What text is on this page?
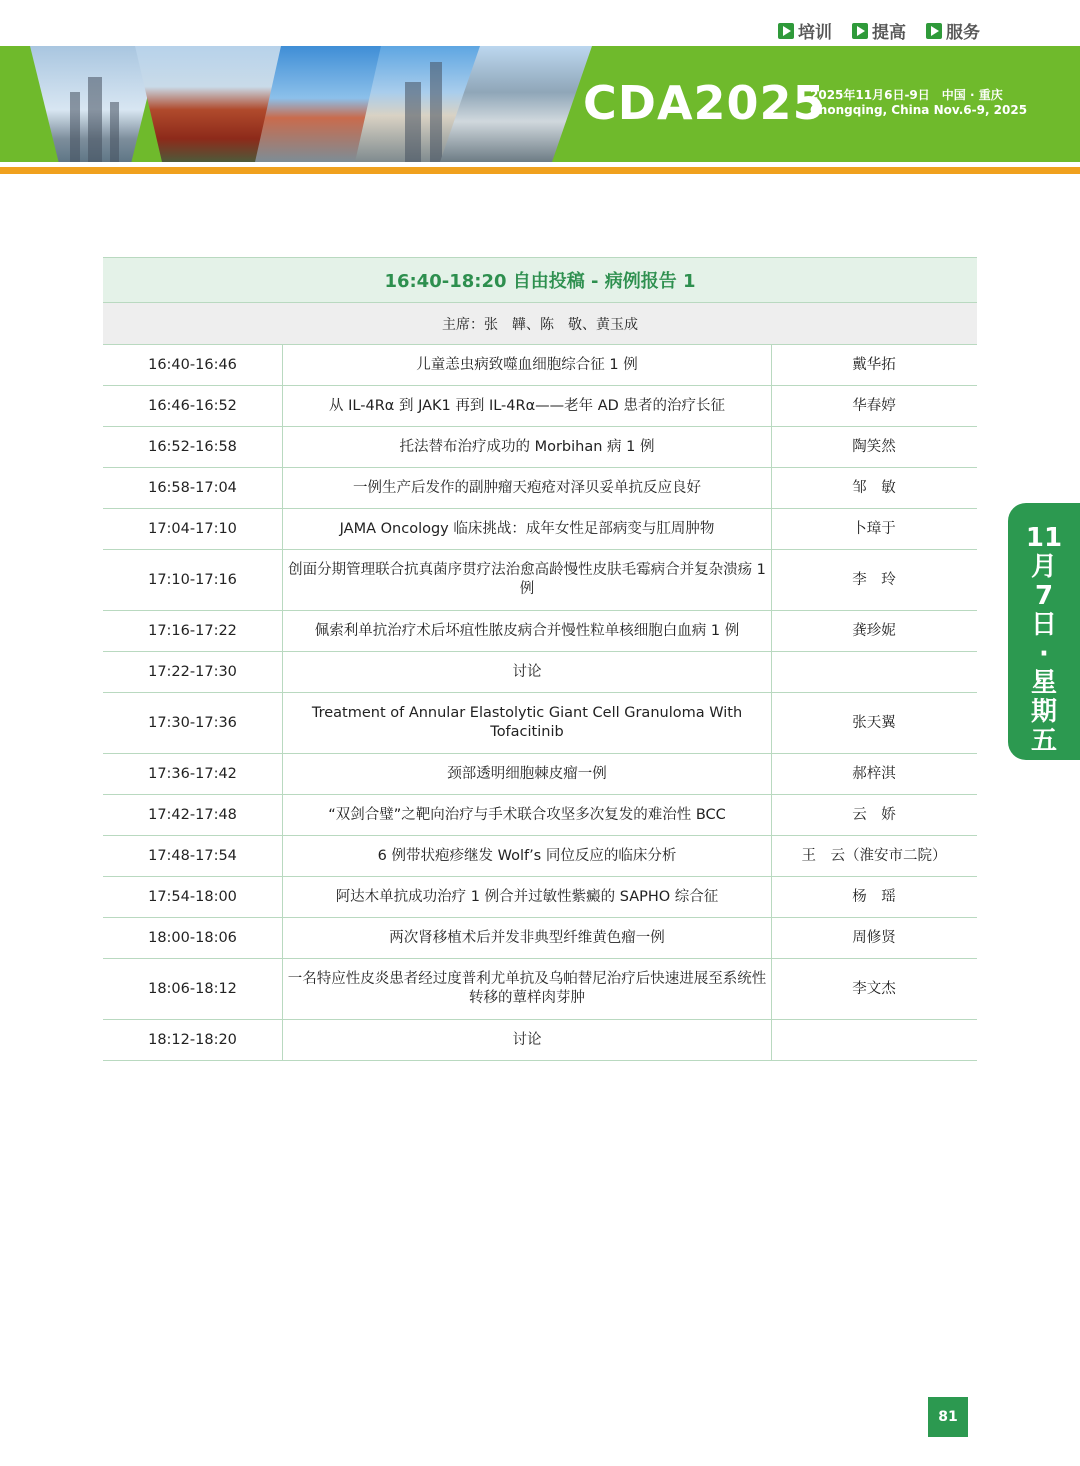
培训 提高 服务
CDA2025
2025年11月6日-9日　中国 · 重庆
Chongqing, China Nov.6-9, 2025
16:40-18:20 自由投稿 - 病例报告 1
主席：张　韡、陈　敬、黄玉成
16:40-16:46	儿童恙虫病致噬血细胞综合征 1 例	戴华拓
16:46-16:52	从 IL-4Rα 到 JAK1 再到 IL-4Rα——老年 AD 患者的治疗长征	华春婷
16:52-16:58	托法替布治疗成功的 Morbihan 病 1 例	陶笑然
16:58-17:04	一例生产后发作的副肿瘤天疱疮对泽贝妥单抗反应良好	邹　敏
17:04-17:10	JAMA Oncology 临床挑战：成年女性足部病变与肛周肿物	卜璋于
17:10-17:16
创面分期管理联合抗真菌序贯疗法治愈高龄慢性皮肤毛霉病合并复杂溃疡 1 例
李　玲
17:16-17:22	佩索利单抗治疗术后坏疽性脓皮病合并慢性粒单核细胞白血病 1 例	龚珍妮
17:22-17:30	讨论
17:30-17:36
Treatment of Annular Elastolytic Giant Cell Granuloma With Tofacitinib
张天翼
17:36-17:42	颈部透明细胞棘皮瘤一例	郝梓淇
17:42-17:48	“双剑合璧”之靶向治疗与手术联合攻坚多次复发的难治性 BCC	云　娇
17:48-17:54	6 例带状疱疹继发 Wolf’s 同位反应的临床分析	王　云（淮安市二院）
17:54-18:00	阿达木单抗成功治疗 1 例合并过敏性紫癜的 SAPHO 综合征	杨　瑶
18:00-18:06	两次肾移植术后并发非典型纤维黄色瘤一例	周修贤
18:06-18:12
一名特应性皮炎患者经过度普利尤单抗及乌帕替尼治疗后快速进展至系统性转移的蕈样肉芽肿
李文杰
18:12-18:20	讨论
11
月
7
日
·
星
期
五
81
